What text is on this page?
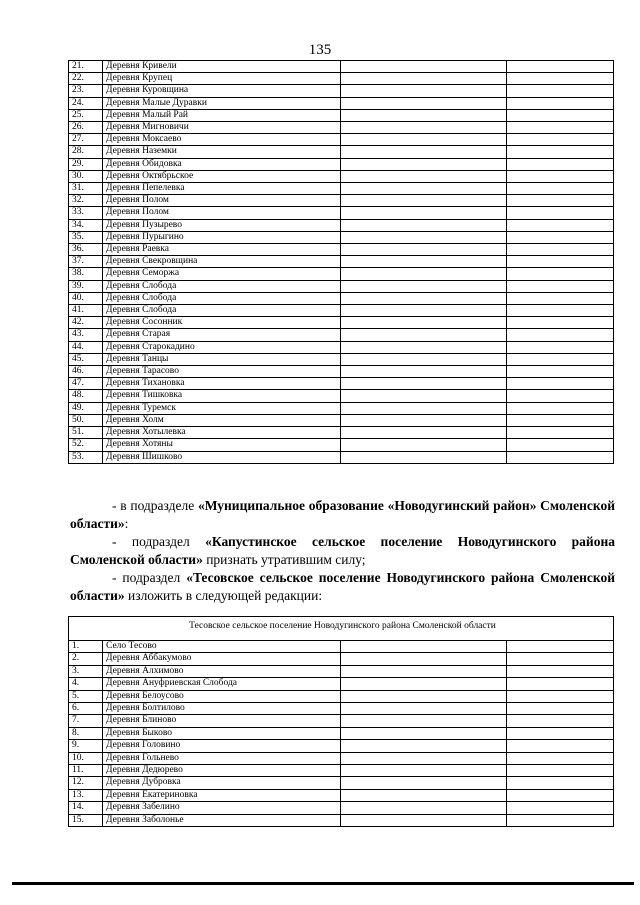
135
21.	Деревня Кривели		
22.	Деревня Крупец		
23.	Деревня Куровщина		
24.	Деревня Малые Дуравки		
25.	Деревня Малый Рай		
26.	Деревня Мигновичи		
27.	Деревня Моксаево		
28.	Деревня Наземки		
29.	Деревня Обидовка		
30.	Деревня Октябрьское		
31.	Деревня Пепелевка		
32.	Деревня Полом		
33.	Деревня Полом		
34.	Деревня Пузырево		
35.	Деревня Пурыгино		
36.	Деревня Раевка		
37.	Деревня Свекровщина		
38.	Деревня Семоржа		
39.	Деревня Слобода		
40.	Деревня Слобода		
41.	Деревня Слобода		
42.	Деревня Сосонник		
43.	Деревня Старая		
44.	Деревня Старокадино		
45.	Деревня Танцы		
46.	Деревня Тарасово		
47.	Деревня Тихановка		
48.	Деревня Тишковка		
49.	Деревня Туремск		
50.	Деревня Холм		
51.	Деревня Хотылевка		
52.	Деревня Хотяны		
53.	Деревня Шишково		
- в подразделе «Муниципальное образование «Новодугинский район» Смоленской области»:
- подраздел «Капустинское сельское поселение Новодугинского района Смоленской области» признать утратившим силу;
- подраздел «Тесовское сельское поселение Новодугинского района Смоленской области» изложить в следующей редакции:
Тесовское сельское поселение Новодугинского района Смоленской области			
1.	Село Тесово		
2.	Деревня Аббакумово		
3.	Деревня Алхимово		
4.	Деревня Ануфриевская Слобода		
5.	Деревня Белоусово		
6.	Деревня Болтилово		
7.	Деревня Блиново		
8.	Деревня Быково		
9.	Деревня Головино		
10.	Деревня Гольнево		
11.	Деревня Дедюрево		
12.	Деревня Дубровка		
13.	Деревня Екатериновка		
14.	Деревня Забелино		
15.	Деревня Заболонье		
